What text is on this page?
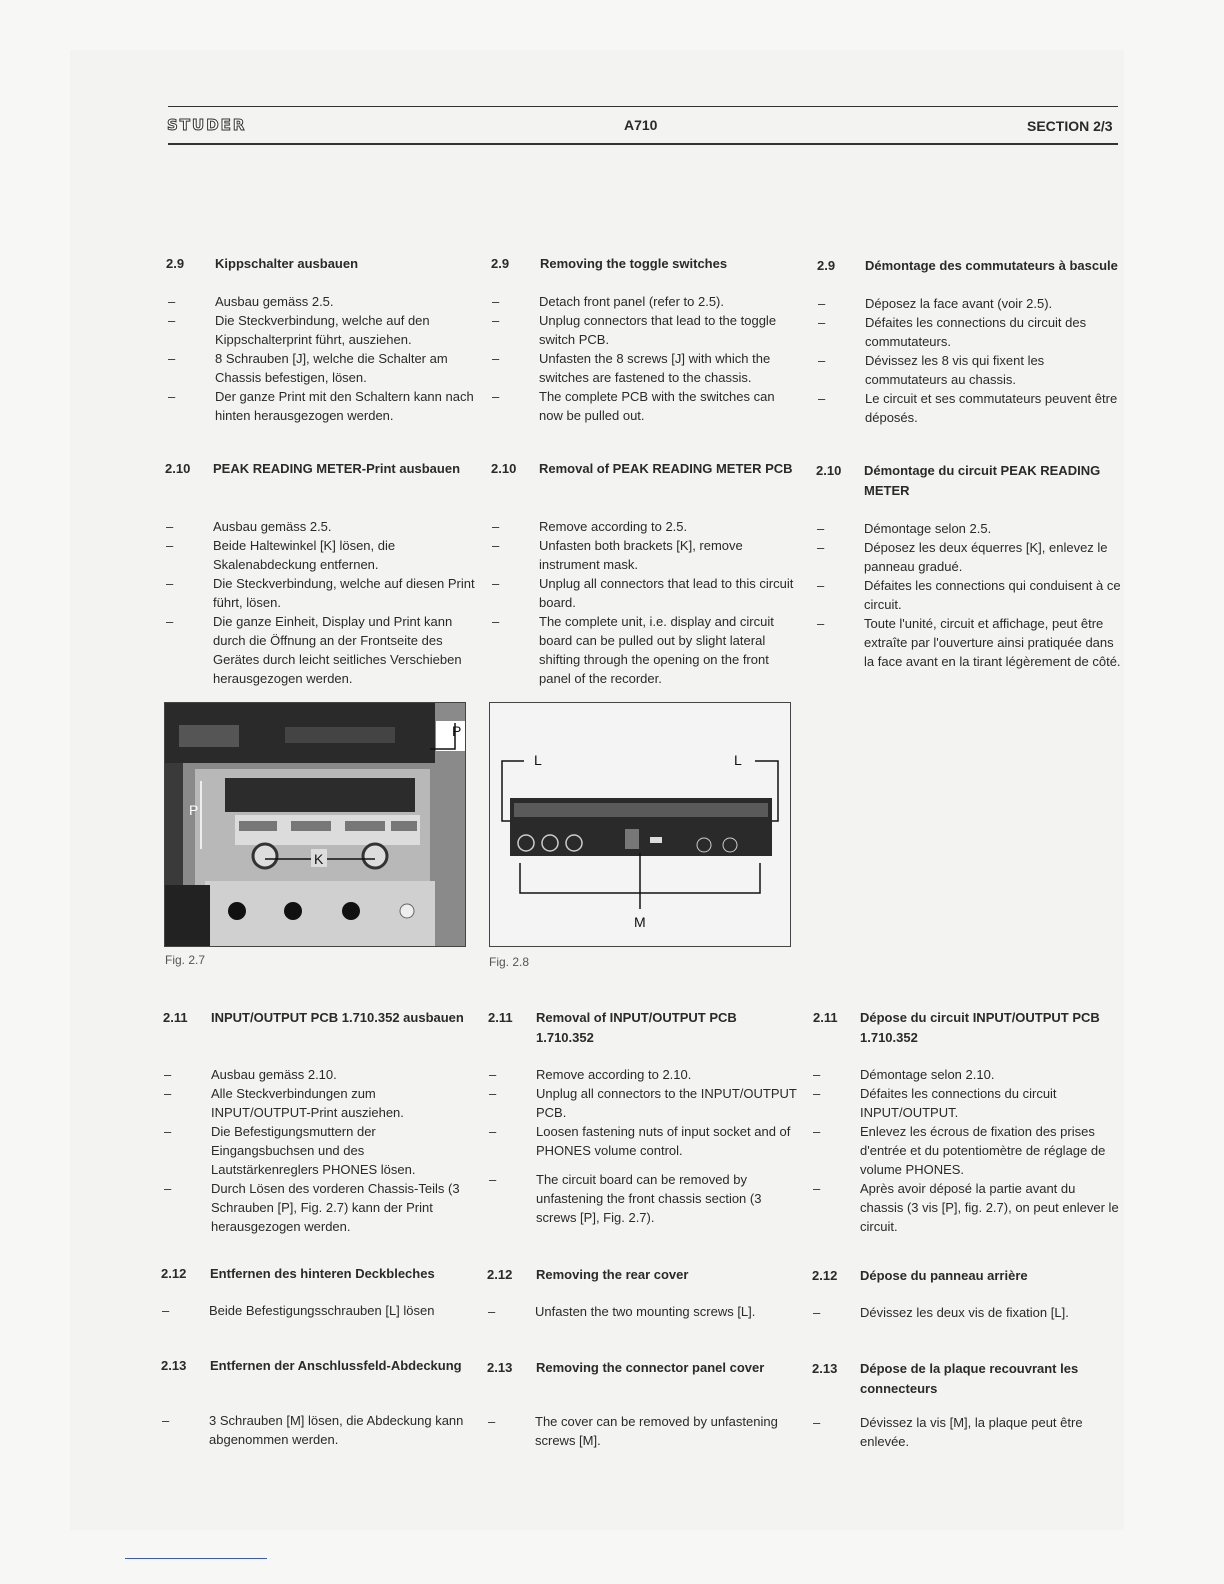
STUDER	A710	SECTION 2/3
2.9 Kippschalter ausbauen
– Ausbau gemäss 2.5.
– Die Steckverbindung, welche auf den Kippschalterprint führt, ausziehen.
– 8 Schrauben [J], welche die Schalter am Chassis befestigen, lösen.
– Der ganze Print mit den Schaltern kann nach hinten herausgezogen werden.
2.9 Removing the toggle switches
– Detach front panel (refer to 2.5).
– Unplug connectors that lead to the toggle switch PCB.
– Unfasten the 8 screws [J] with which the switches are fastened to the chassis.
– The complete PCB with the switches can now be pulled out.
2.9 Démontage des commutateurs à bascule
– Déposez la face avant (voir 2.5).
– Défaites les connections du circuit des commutateurs.
– Dévissez les 8 vis qui fixent les commutateurs au chassis.
– Le circuit et ses commutateurs peuvent être déposés.
2.10 PEAK READING METER-Print ausbauen
– Ausbau gemäss 2.5.
– Beide Haltewinkel [K] lösen, die Skalenabdeckung entfernen.
– Die Steckverbindung, welche auf diesen Print führt, lösen.
– Die ganze Einheit, Display und Print kann durch die Öffnung an der Frontseite des Gerätes durch leicht seitliches Verschieben herausgezogen werden.
2.10 Removal of PEAK READING METER PCB
– Remove according to 2.5.
– Unfasten both brackets [K], remove instrument mask.
– Unplug all connectors that lead to this circuit board.
– The complete unit, i.e. display and circuit board can be pulled out by slight lateral shifting through the opening on the front panel of the recorder.
2.10 Démontage du circuit PEAK READING METER
– Démontage selon 2.5.
– Déposez les deux équerres [K], enlevez le panneau gradué.
– Défaites les connections qui conduisent à ce circuit.
– Toute l'unité, circuit et affichage, peut être extraîte par l'ouverture ainsi pratiquée dans la face avant en la tirant légèrement de côté.
P
P
K
Fig. 2.7
L	L
M
Fig. 2.8
2.11 INPUT/OUTPUT PCB 1.710.352 ausbauen
– Ausbau gemäss 2.10.
– Alle Steckverbindungen zum INPUT/OUTPUT-Print ausziehen.
– Die Befestigungsmuttern der Eingangsbuchsen und des Lautstärkenreglers PHONES lösen.
– Durch Lösen des vorderen Chassis-Teils (3 Schrauben [P], Fig. 2.7) kann der Print herausgezogen werden.
2.11 Removal of INPUT/OUTPUT PCB 1.710.352
– Remove according to 2.10.
– Unplug all connectors to the INPUT/OUTPUT PCB.
– Loosen fastening nuts of input socket and of PHONES volume control.
– The circuit board can be removed by unfastening the front chassis section (3 screws [P], Fig. 2.7).
2.11 Dépose du circuit INPUT/OUTPUT PCB 1.710.352
– Démontage selon 2.10.
– Défaites les connections du circuit INPUT/OUTPUT.
– Enlevez les écrous de fixation des prises d'entrée et du potentiomètre de réglage de volume PHONES.
– Après avoir déposé la partie avant du chassis (3 vis [P], fig. 2.7), on peut enlever le circuit.
2.12 Entfernen des hinteren Deckbleches
– Beide Befestigungsschrauben [L] lösen
2.12 Removing the rear cover
– Unfasten the two mounting screws [L].
2.12 Dépose du panneau arrière
– Dévissez les deux vis de fixation [L].
2.13 Entfernen der Anschlussfeld-Abdeckung
– 3 Schrauben [M] lösen, die Abdeckung kann abgenommen werden.
2.13 Removing the connector panel cover
– The cover can be removed by unfastening screws [M].
2.13 Dépose de la plaque recouvrant les connecteurs
– Dévissez la vis [M], la plaque peut être enlevée.
